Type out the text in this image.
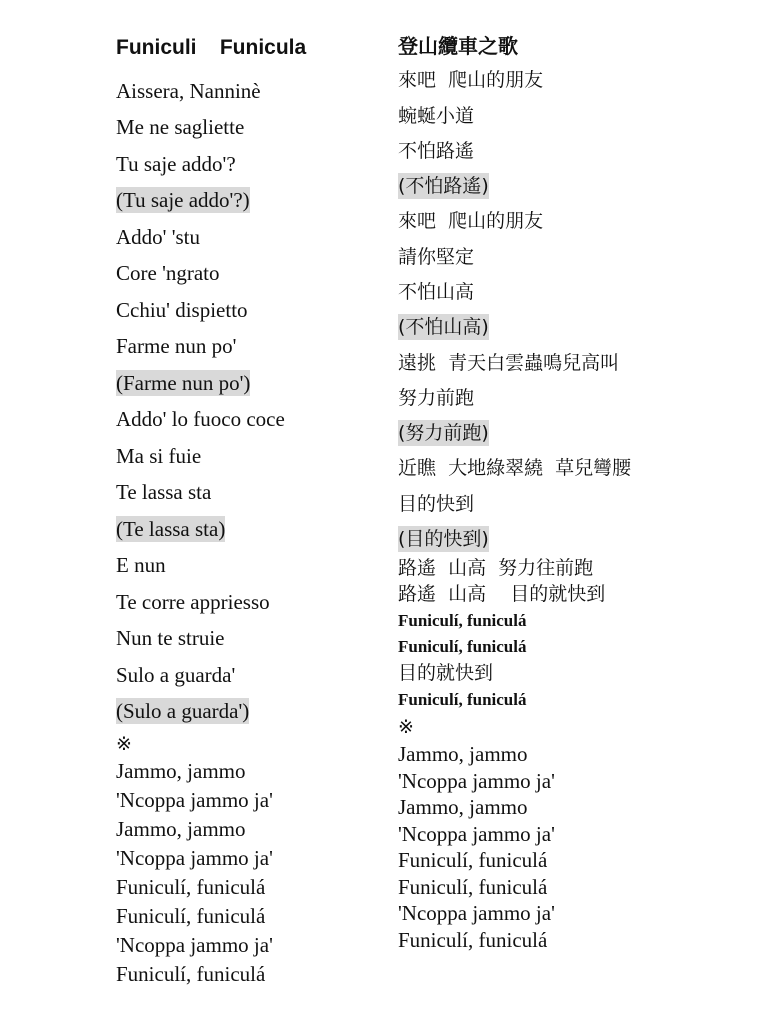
Funiculi    Funicula
Aissera, Nanninè
Me ne sagliette
Tu saje addo'?
(Tu saje addo'?)
Addo' 'stu
Core 'ngrato
Cchiu' dispietto
Farme nun po'
(Farme nun po')
Addo' lo fuoco coce
Ma si fuie
Te lassa sta
(Te lassa sta)
E nun
Te corre appriesso
Nun te struie
Sulo a guarda'
(Sulo a guarda')
※
Jammo, jammo
'Ncoppa jammo ja'
Jammo, jammo
'Ncoppa jammo ja'
Funiculí, funiculá
Funiculí, funiculá
'Ncoppa jammo ja'
Funiculí, funiculá
登山纜車之歌
來吧  爬山的朋友
蜿蜒小道
不怕路遙
(不怕路遙)
來吧  爬山的朋友
請你堅定
不怕山高
(不怕山高)
遠挑  青天白雲蟲鳴兒高叫
努力前跑
(努力前跑)
近瞧  大地綠翠繞  草兒彎腰
目的快到
(目的快到)
路遙  山高  努力往前跑
路遙  山高    目的就快到
Funiculí, funiculá
Funiculí, funiculá
目的就快到
Funiculí, funiculá
※
Jammo, jammo
'Ncoppa jammo ja'
Jammo, jammo
'Ncoppa jammo ja'
Funiculí, funiculá
Funiculí, funiculá
'Ncoppa jammo ja'
Funiculí, funiculá
